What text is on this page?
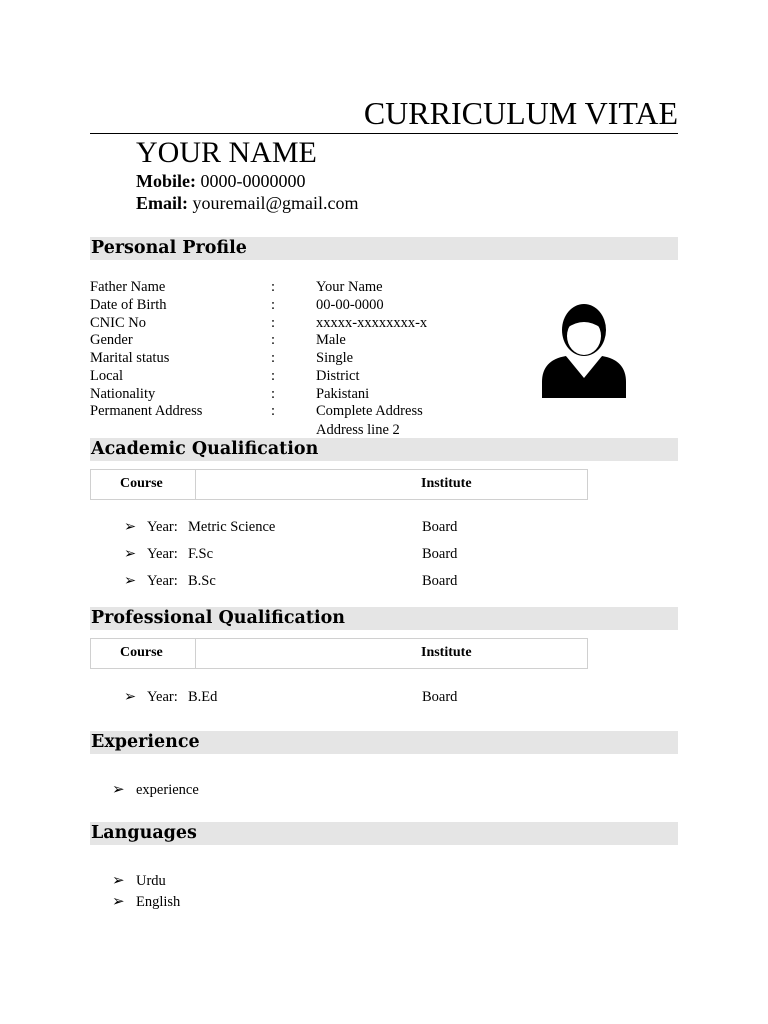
CURRICULUM VITAE
YOUR NAME
Mobile: 0000-0000000
Email: youremail@gmail.com
Personal Profile
Father Name	:	Your Name
Date of Birth	:	00-00-0000
CNIC No	:	xxxxx-xxxxxxxx-x
Gender	:	Male
Marital status	:	Single
Local	:	District
Nationality	:	Pakistani
Permanent Address	:	Complete Address
Address line 2
Academic Qualification
Course	Institute
➢ Year: Metric Science	Board
➢ Year: F.Sc	Board
➢ Year: B.Sc	Board
Professional Qualification
Course	Institute
➢ Year: B.Ed	Board
Experience
➢ experience
Languages
➢ Urdu
➢ English
